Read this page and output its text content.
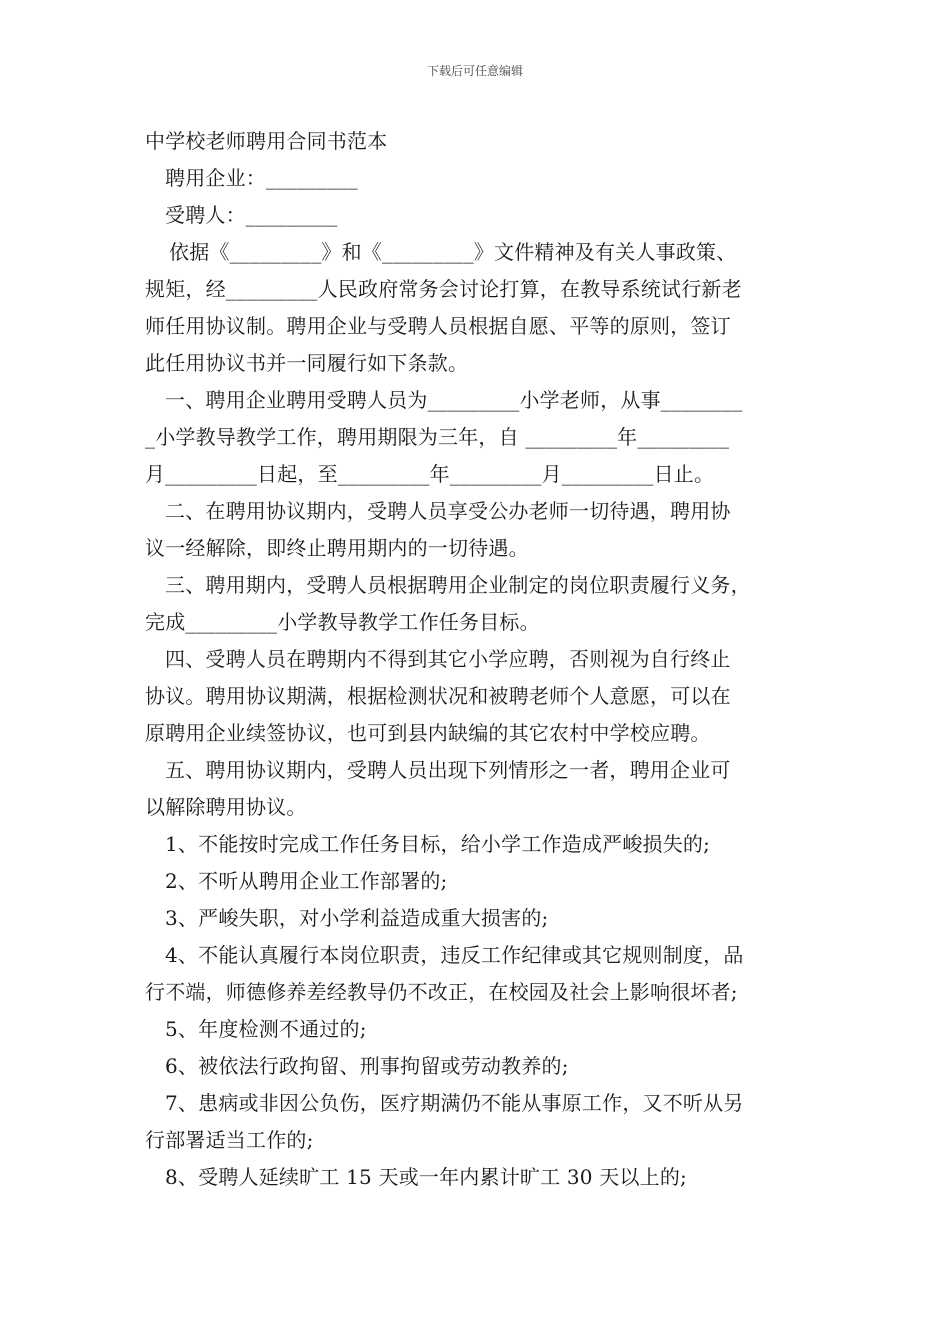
下载后可任意编辑
中学校老师聘用合同书范本
聘用企业：_________
受聘人：_________
依据《_________》和《_________》文件精神及有关人事政策、
规矩，经_________人民政府常务会讨论打算，在教导系统试行新老
师任用协议制。聘用企业与受聘人员根据自愿、平等的原则，签订
此任用协议书并一同履行如下条款。
一、聘用企业聘用受聘人员为_________小学老师，从事________
_小学教导教学工作，聘用期限为三年，自 _________年_________
月_________日起，至_________年_________月_________日止。
二、在聘用协议期内，受聘人员享受公办老师一切待遇，聘用协
议一经解除，即终止聘用期内的一切待遇。
三、聘用期内，受聘人员根据聘用企业制定的岗位职责履行义务，
完成_________小学教导教学工作任务目标。
四、受聘人员在聘期内不得到其它小学应聘，否则视为自行终止
协议。聘用协议期满，根据检测状况和被聘老师个人意愿，可以在
原聘用企业续签协议，也可到县内缺编的其它农村中学校应聘。
五、聘用协议期内，受聘人员出现下列情形之一者，聘用企业可
以解除聘用协议。
1、不能按时完成工作任务目标，给小学工作造成严峻损失的;
2、不听从聘用企业工作部署的;
3、严峻失职，对小学利益造成重大损害的;
4、不能认真履行本岗位职责，违反工作纪律或其它规则制度，品
行不端，师德修养差经教导仍不改正，在校园及社会上影响很坏者;
5、年度检测不通过的;
6、被依法行政拘留、刑事拘留或劳动教养的;
7、患病或非因公负伤，医疗期满仍不能从事原工作，又不听从另
行部署适当工作的;
8、受聘人延续旷工 15 天或一年内累计旷工 30 天以上的;
